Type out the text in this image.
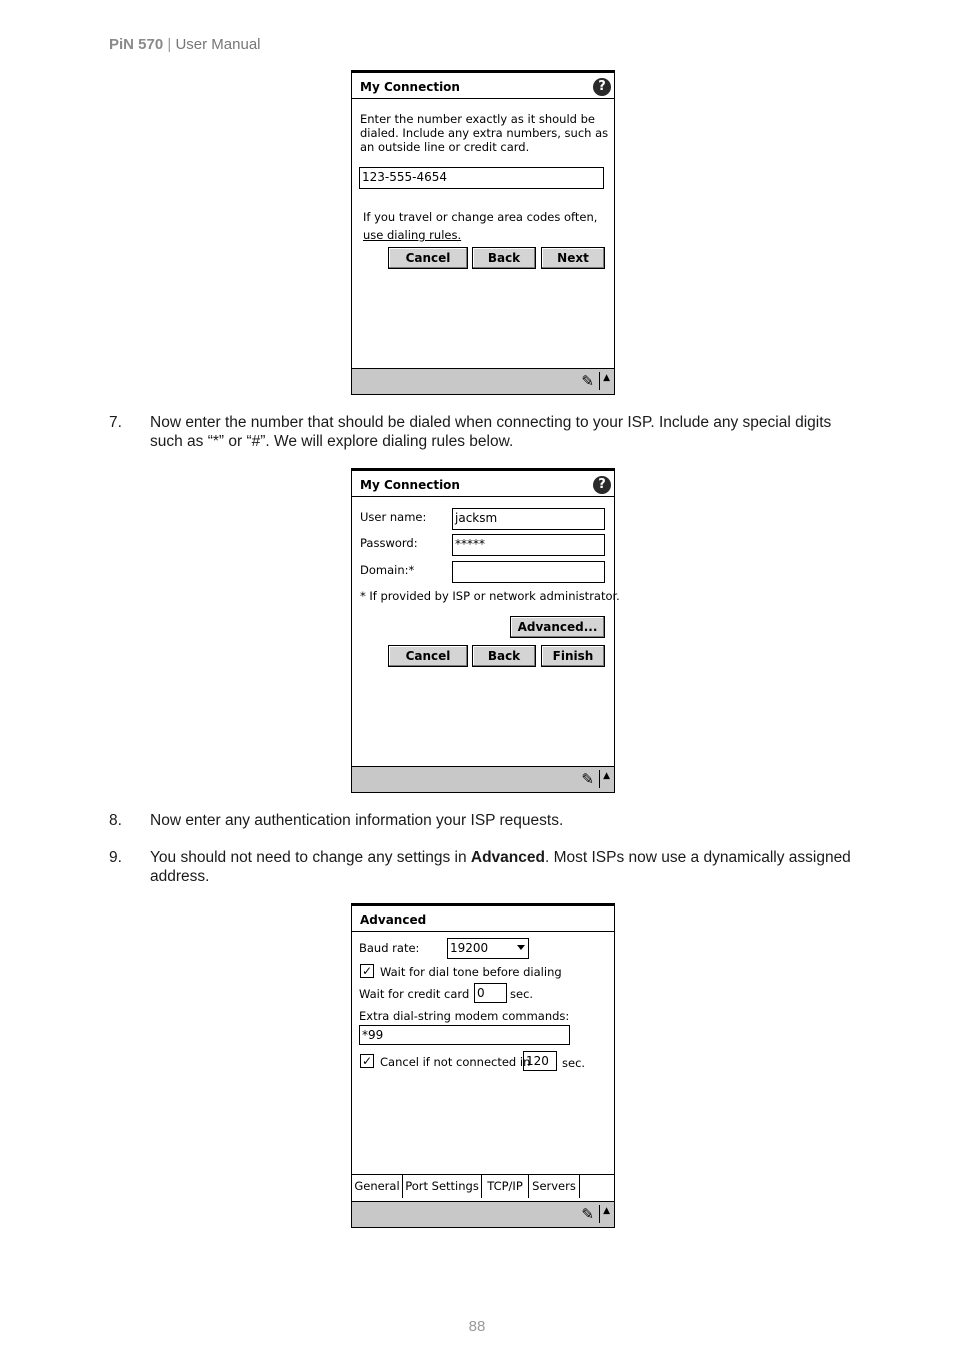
PiN 570 | User Manual
My Connection	?
Enter the number exactly as it should be
dialed. Include any extra numbers, such as
an outside line or credit card.
123-555-4654
If you travel or change area codes often,
use dialing rules.
Cancel	Back	Next
✎ ▲
7. Now enter the number that should be dialed when connecting to your ISP. Include any special digits
such as “*” or “#”. We will explore dialing rules below.
My Connection	?
User name: jacksm
Password:	*****
Domain:*
* If provided by ISP or network administrator.
Advanced...
Cancel	Back	Finish
✎ ▲
8. Now enter any authentication information your ISP requests.
9. You should not need to change any settings in Advanced. Most ISPs now use a dynamically assigned
address.
Advanced
Baud rate:	19200
✓ Wait for dial tone before dialing
Wait for credit card 0	sec.
Extra dial-string modem commands:
*99
✓ Cancel if not connected in
120	sec.
General Port Settings TCP/IP Servers
✎ ▲
88
